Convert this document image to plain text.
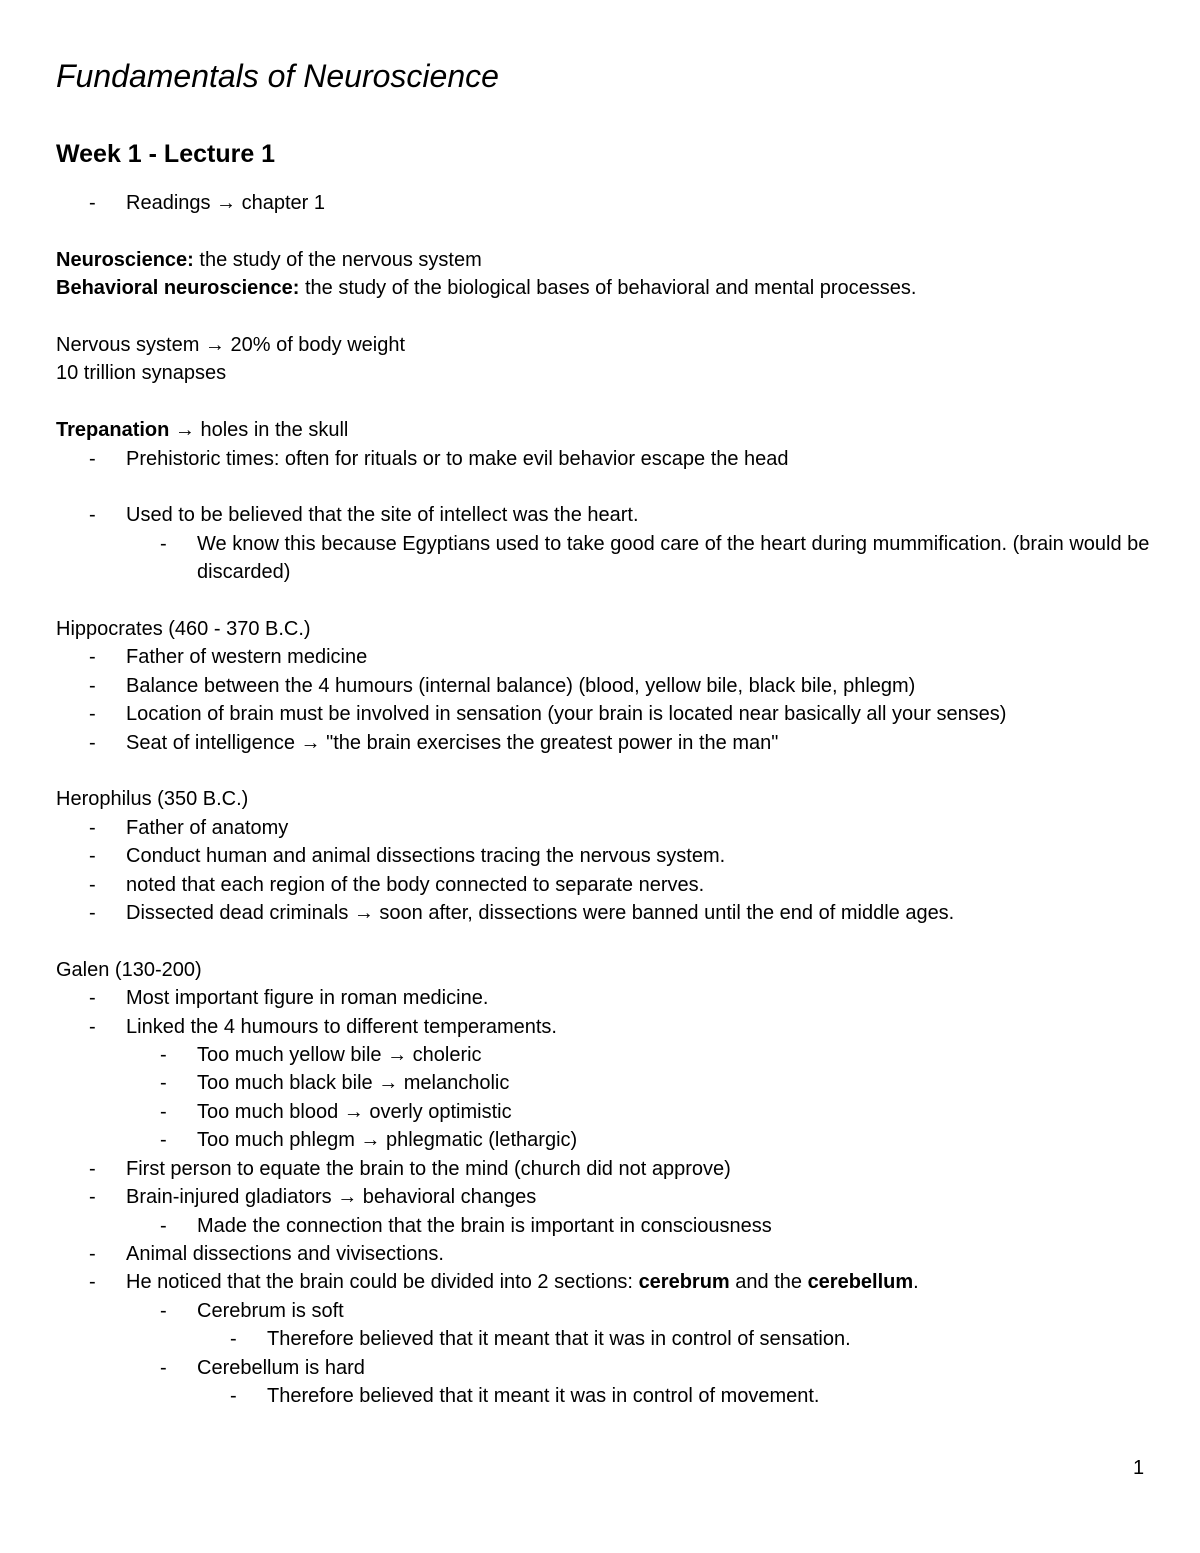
Fundamentals of Neuroscience
Week 1 - Lecture 1
- Readings → chapter 1
Neuroscience: the study of the nervous system
Behavioral neuroscience: the study of the biological bases of behavioral and mental processes.
Nervous system → 20% of body weight
10 trillion synapses
Trepanation → holes in the skull
- Prehistoric times: often for rituals or to make evil behavior escape the head
- Used to be believed that the site of intellect was the heart.
- We know this because Egyptians used to take good care of the heart during mummification. (brain would be discarded)
Hippocrates (460 - 370 B.C.)
- Father of western medicine
- Balance between the 4 humours (internal balance) (blood, yellow bile, black bile, phlegm)
- Location of brain must be involved in sensation (your brain is located near basically all your senses)
- Seat of intelligence → "the brain exercises the greatest power in the man"
Herophilus (350 B.C.)
- Father of anatomy
- Conduct human and animal dissections tracing the nervous system.
- noted that each region of the body connected to separate nerves.
- Dissected dead criminals → soon after, dissections were banned until the end of middle ages.
Galen (130-200)
- Most important figure in roman medicine.
- Linked the 4 humours to different temperaments.
- Too much yellow bile → choleric
- Too much black bile → melancholic
- Too much blood → overly optimistic
- Too much phlegm → phlegmatic (lethargic)
- First person to equate the brain to the mind (church did not approve)
- Brain-injured gladiators → behavioral changes
- Made the connection that the brain is important in consciousness
- Animal dissections and vivisections.
- He noticed that the brain could be divided into 2 sections: cerebrum and the cerebellum.
- Cerebrum is soft
- Therefore believed that it meant that it was in control of sensation.
- Cerebellum is hard
- Therefore believed that it meant it was in control of movement.
1
